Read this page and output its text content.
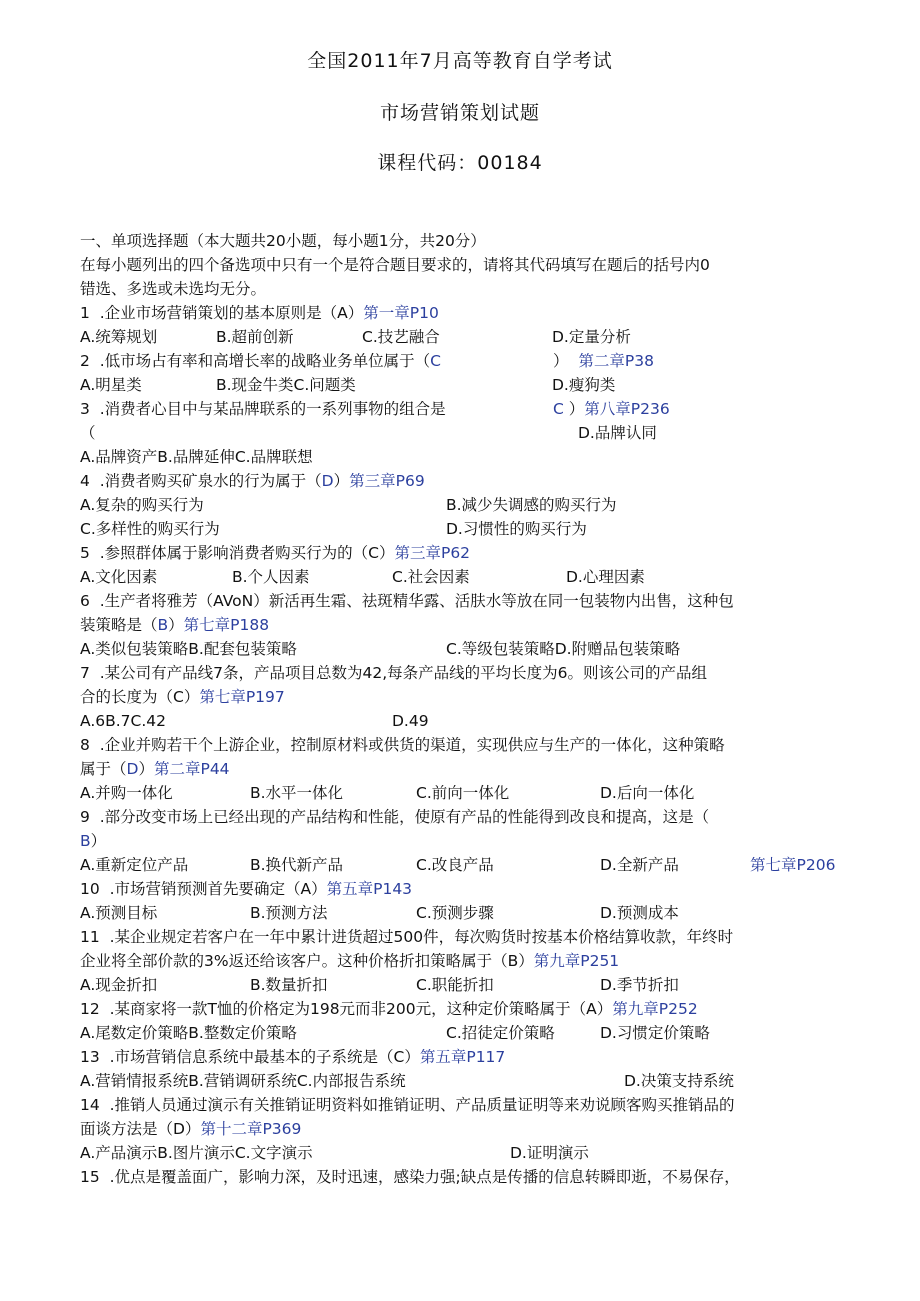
全国2011年7月高等教育自学考试
市场营销策划试题
课程代码：00184
一、单项选择题（本大题共20小题，每小题1分，共20分）
在每小题列出的四个备选项中只有一个是符合题目要求的，请将其代码填写在题后的括号内0
错选、多选或未选均无分。
1  .企业市场营销策划的基本原则是（A）第一章P10
A.统筹规划	B.超前创新	C.技艺融合	D.定量分析
2  .低市场占有率和高增长率的战略业务单位属于（C	） 第二章P38
A.明星类	B.现金牛类C.问题类	D.瘦狗类
3  .消费者心目中与某品牌联系的一系列事物的组合是	C ）第八章P236
（	D.品牌认同
A.品牌资产B.品牌延伸C.品牌联想
4  .消费者购买矿泉水的行为属于（D）第三章P69
A.复杂的购买行为	B.减少失调感的购买行为
C.多样性的购买行为	D.习惯性的购买行为
5  .参照群体属于影响消费者购买行为的（C）第三章P62
A.文化因素	B.个人因素	C.社会因素	D.心理因素
6  .生产者将雅芳（AVoN）新活再生霜、祛斑精华露、活肤水等放在同一包装物内出售，这种包
装策略是（B）第七章P188
A.类似包装策略B.配套包装策略	C.等级包装策略D.附赠品包装策略
7  .某公司有产品线7条，产品项目总数为42,每条产品线的平均长度为6。则该公司的产品组
合的长度为（C）第七章P197
A.6B.7C.42	D.49
8  .企业并购若干个上游企业，控制原材料或供货的渠道，实现供应与生产的一体化，这种策略
属于（D）第二章P44
A.并购一体化	B.水平一体化	C.前向一体化	D.后向一体化
9  .部分改变市场上已经出现的产品结构和性能，使原有产品的性能得到改良和提高，这是（
B）
A.重新定位产品	B.换代新产品	C.改良产品	D.全新产品	第七章P206
10  .市场营销预测首先要确定（A）第五章P143
A.预测目标	B.预测方法	C.预测步骤	D.预测成本
11  .某企业规定若客户在一年中累计进货超过500件，每次购货时按基本价格结算收款，年终时
企业将全部价款的3%返还给该客户。这种价格折扣策略属于（B）第九章P251
A.现金折扣	B.数量折扣	C.职能折扣	D.季节折扣
12  .某商家将一款T恤的价格定为198元而非200元，这种定价策略属于（A）第九章P252
A.尾数定价策略B.整数定价策略	C.招徒定价策略	D.习惯定价策略
13  .市场营销信息系统中最基本的子系统是（C）第五章P117
A.营销情报系统B.营销调研系统C.内部报告系统	D.决策支持系统
14  .推销人员通过演示有关推销证明资料如推销证明、产品质量证明等来劝说顾客购买推销品的
面谈方法是（D）第十二章P369
A.产品演示B.图片演示C.文字演示	D.证明演示
15  .优点是覆盖面广，影响力深，及时迅速，感染力强;缺点是传播的信息转瞬即逝，不易保存，
